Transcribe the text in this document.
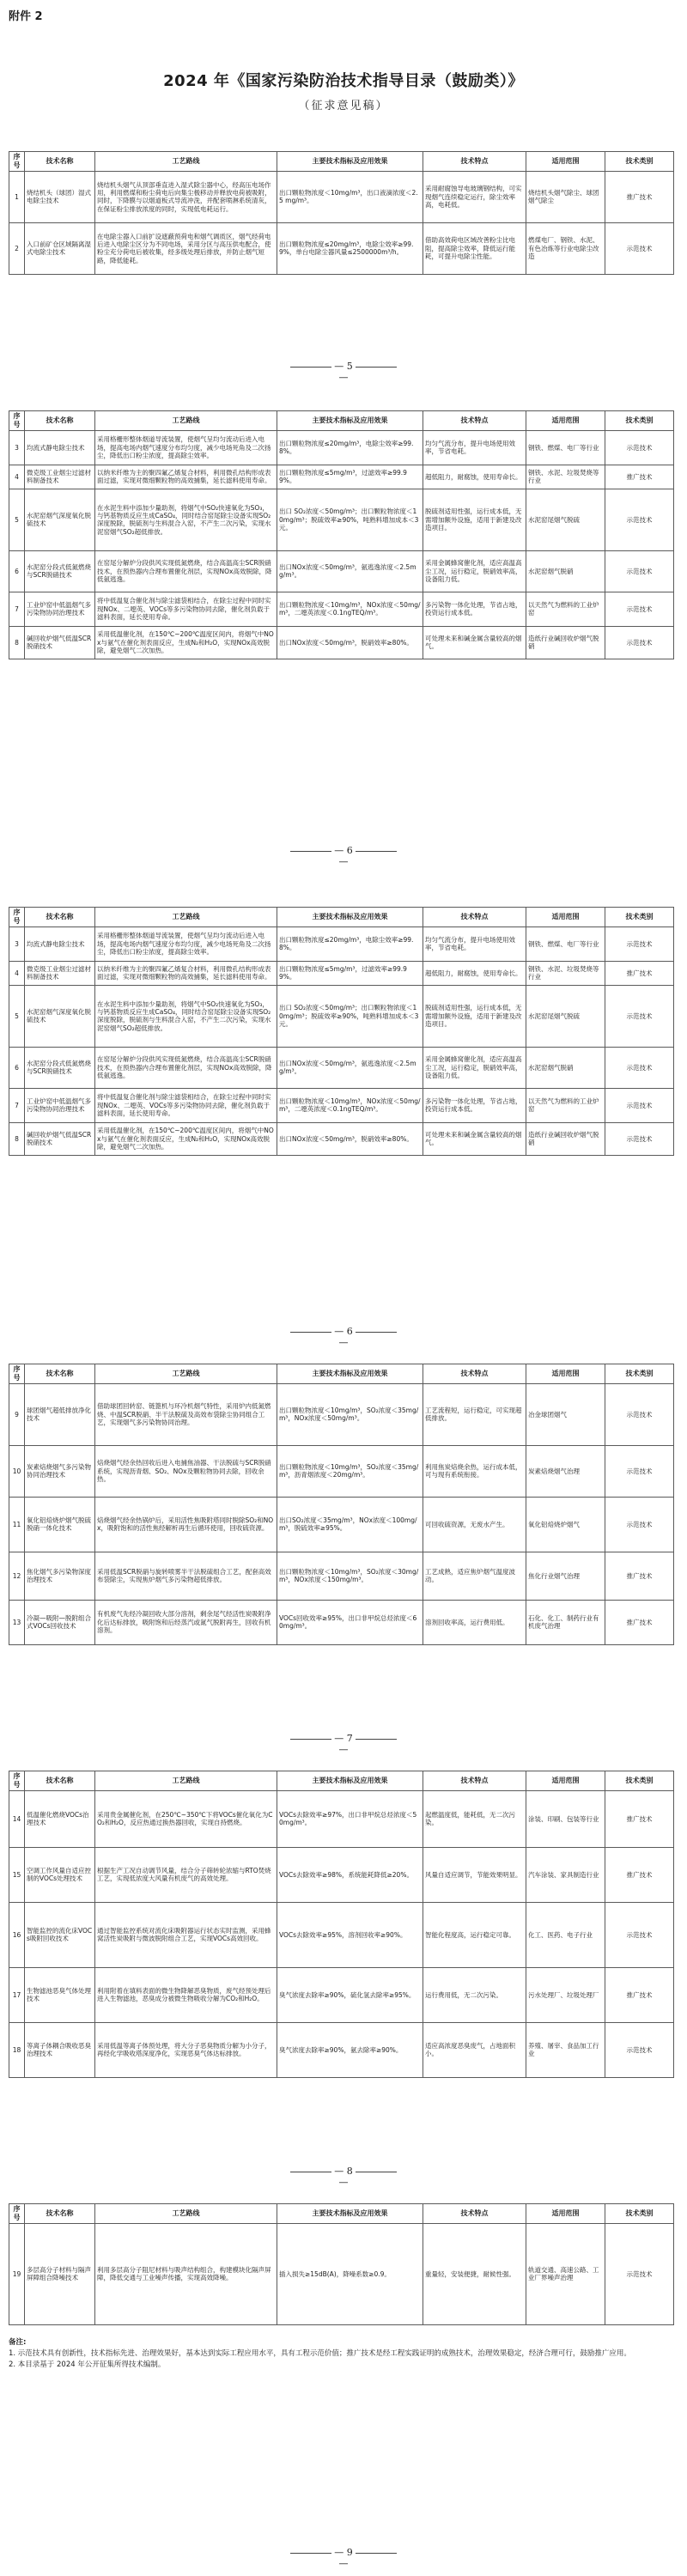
附件 2
2024 年《国家污染防治技术指导目录（鼓励类）》
（征求意见稿）
序号	技术名称	工艺路线	主要技术指标及应用效果	技术特点	适用范围	技术类别
1	烧结机头（球团）湿式电除尘技术	烧结机头烟气从顶部垂直进入湿式除尘器中心，经高压电场作用，利用燃煤和粉尘荷电后向集尘极移动并释放电荷被吸附，同时，下降膜与以烟道板式导流冲洗，并配套喷淋系统清灰，在保证粉尘排放浓度的同时，实现低电耗运行。	出口颗粒物浓度＜10mg/m³，出口液滴浓度＜2.5 mg/m³。	采用耐腐蚀导电玻璃钢结构，可实现烟气连续稳定运行，除尘效率高，电耗低。	烧结机头烟气除尘、球团烟气除尘	推广技术
2	入口前矿仓区域隔离湿式电除尘技术	在电除尘器入口前扩设遮蔽预荷电和烟气调质区，烟气经荷电后进入电除尘区分为不同电场，采用分区与高压供电配合，使粉尘充分荷电后被收集，经多级处理后排放，并防止烟气短路，降低能耗。	出口颗粒物浓度≤20mg/m³，电除尘效率≥99.9%，单台电除尘器风量≤2500000m³/h。	借助高效荷电区域改善粉尘比电阻，提高除尘效率，降低运行能耗，可提升电除尘性能。	燃煤电厂、钢铁、水泥、有色冶炼等行业电除尘改造	示范技术
— 5 —
序号	技术名称	工艺路线	主要技术指标及应用效果	技术特点	适用范围	技术类别
3	均流式静电除尘技术	采用格栅形整体烟道导流装置，使烟气呈均匀流动后进入电场，提高电场内烟气速度分布均匀度，减少电场死角及二次扬尘，降低出口粉尘浓度，提高除尘效率。	出口颗粒物浓度≤20mg/m³，电除尘效率≥99.8%。	均匀气流分布，提升电场使用效率，节省电耗。	钢铁、燃煤、电厂等行业	示范技术
4	微克级工业烟尘过滤材料制备技术	以纳米纤维为主的聚四氟乙烯复合材料，利用微孔结构形成表面过滤，实现对微细颗粒物的高效捕集，延长滤料使用寿命。	出口颗粒物浓度≤5mg/m³，过滤效率≥99.99%。	超低阻力，耐腐蚀，使用寿命长。	钢铁、水泥、垃圾焚烧等行业	推广技术
5	水泥窑烟气深度氧化脱硫技术	在水泥生料中添加少量助剂，将烟气中SO₂快速氧化为SO₃，与钙基物质反应生成CaSO₄，同时结合窑尾除尘设备实现SO₂深度脱除，脱硫剂与生料混合入窑，不产生二次污染，实现水泥窑烟气SO₂超低排放。	出口 SO₂浓度＜50mg/m³；出口颗粒物浓度＜10mg/m³；脱硫效率≥90%，吨熟料增加成本＜3元。	脱硫剂适用性强，运行成本低，无需增加额外设施，适用于新建及改造项目。	水泥窑尾烟气脱硫	示范技术
6	水泥窑分段式低氮燃烧与SCR脱硝技术	在窑尾分解炉分段供风实现低氮燃烧，结合高温高尘SCR脱硝技术，在预热器内合理布置催化剂层，实现NOx高效脱除，降低氨逃逸。	出口NOx浓度＜50mg/m³，氨逃逸浓度＜2.5mg/m³。	采用金属蜂窝催化剂，适应高温高尘工况，运行稳定，脱硝效率高，设备阻力低。	水泥窑烟气脱硝	示范技术
7	工业炉窑中低温烟气多污染物协同治理技术	将中低温复合催化剂与除尘滤袋相结合，在除尘过程中同时实现NOx、二噁英、VOCs等多污染物协同去除，催化剂负载于滤料表面，延长使用寿命。	出口颗粒物浓度＜10mg/m³，NOx浓度＜50mg/m³，二噁英浓度＜0.1ngTEQ/m³。	多污染物一体化处理，节省占地，投资运行成本低。	以天然气为燃料的工业炉窑	示范技术
8	碱回收炉烟气低温SCR脱硝技术	采用低温催化剂，在150℃~200℃温度区间内，将烟气中NOx与氨气在催化剂表面反应，生成N₂和H₂O，实现NOx高效脱除，避免烟气二次加热。	出口NOx浓度＜50mg/m³，脱硝效率≥80%。	可处理未来和碱金属含量较高的烟气。	造纸行业碱回收炉烟气脱硝	示范技术
— 6 —
序号	技术名称	工艺路线	主要技术指标及应用效果	技术特点	适用范围	技术类别
3	均流式静电除尘技术	采用格栅形整体烟道导流装置，使烟气呈均匀流动后进入电场，提高电场内烟气速度分布均匀度，减少电场死角及二次扬尘，降低出口粉尘浓度，提高除尘效率。	出口颗粒物浓度≤20mg/m³，电除尘效率≥99.8%。	均匀气流分布，提升电场使用效率，节省电耗。	钢铁、燃煤、电厂等行业	示范技术
4	微克级工业烟尘过滤材料制备技术	以纳米纤维为主的聚四氟乙烯复合材料，利用微孔结构形成表面过滤，实现对微细颗粒物的高效捕集，延长滤料使用寿命。	出口颗粒物浓度≤5mg/m³，过滤效率≥99.99%。	超低阻力，耐腐蚀，使用寿命长。	钢铁、水泥、垃圾焚烧等行业	推广技术
5	水泥窑烟气深度氧化脱硫技术	在水泥生料中添加少量助剂，将烟气中SO₂快速氧化为SO₃，与钙基物质反应生成CaSO₄，同时结合窑尾除尘设备实现SO₂深度脱除，脱硫剂与生料混合入窑，不产生二次污染，实现水泥窑烟气SO₂超低排放。	出口 SO₂浓度＜50mg/m³；出口颗粒物浓度＜10mg/m³；脱硫效率≥90%，吨熟料增加成本＜3元。	脱硫剂适用性强，运行成本低，无需增加额外设施，适用于新建及改造项目。	水泥窑尾烟气脱硫	示范技术
6	水泥窑分段式低氮燃烧与SCR脱硝技术	在窑尾分解炉分段供风实现低氮燃烧，结合高温高尘SCR脱硝技术，在预热器内合理布置催化剂层，实现NOx高效脱除，降低氨逃逸。	出口NOx浓度＜50mg/m³，氨逃逸浓度＜2.5mg/m³。	采用金属蜂窝催化剂，适应高温高尘工况，运行稳定，脱硝效率高，设备阻力低。	水泥窑烟气脱硝	示范技术
7	工业炉窑中低温烟气多污染物协同治理技术	将中低温复合催化剂与除尘滤袋相结合，在除尘过程中同时实现NOx、二噁英、VOCs等多污染物协同去除，催化剂负载于滤料表面，延长使用寿命。	出口颗粒物浓度＜10mg/m³，NOx浓度＜50mg/m³，二噁英浓度＜0.1ngTEQ/m³。	多污染物一体化处理，节省占地，投资运行成本低。	以天然气为燃料的工业炉窑	示范技术
8	碱回收炉烟气低温SCR脱硝技术	采用低温催化剂，在150℃~200℃温度区间内，将烟气中NOx与氨气在催化剂表面反应，生成N₂和H₂O，实现NOx高效脱除，避免烟气二次加热。	出口NOx浓度＜50mg/m³，脱硝效率≥80%。	可处理未来和碱金属含量较高的烟气。	造纸行业碱回收炉烟气脱硝	示范技术
— 6 —
序号	技术名称	工艺路线	主要技术指标及应用效果	技术特点	适用范围	技术类别
9	球团烟气超低排放净化技术	借助球团回转窑、链篦机与环冷机烟气特性，采用炉内低氮燃烧、中温SCR脱硝、半干法脱硫及高效布袋除尘协同组合工艺，实现烟气多污染物协同治理。	出口颗粒物浓度＜10mg/m³，SO₂浓度＜35mg/m³，NOx浓度＜50mg/m³。	工艺流程短，运行稳定，可实现超低排放。	冶金球团烟气	示范技术
10	炭素焙烧烟气多污染物协同治理技术	焙烧烟气经余热回收后进入电捕焦油器、干法脱硫与SCR脱硝系统，实现沥青烟、SO₂、NOx及颗粒物协同去除，回收余热。	出口颗粒物浓度＜10mg/m³，SO₂浓度＜35mg/m³，沥青烟浓度＜20mg/m³。	利用焦炭焙烧余热，运行成本低，可与现有系统衔接。	炭素焙烧烟气治理	示范技术
11	氧化铝焙烧炉烟气脱硫脱硝一体化技术	焙烧烟气经余热锅炉后，采用活性焦吸附塔同时脱除SO₂和NOx，吸附饱和的活性焦经解析再生后循环使用，回收硫资源。	出口SO₂浓度＜35mg/m³，NOx浓度＜100mg/m³，脱硫效率≥95%。	可回收硫资源，无废水产生。	氧化铝焙烧炉烟气	示范技术
12	焦化烟气多污染物深度治理技术	采用低温SCR脱硝与旋转喷雾半干法脱硫组合工艺，配套高效布袋除尘，实现焦炉烟气多污染物超低排放。	出口颗粒物浓度＜10mg/m³，SO₂浓度＜30mg/m³，NOx浓度＜150mg/m³。	工艺成熟，适应焦炉烟气温度波动。	焦化行业烟气治理	推广技术
13	冷凝—吸附—脱附组合式VOCs回收技术	有机废气先经冷凝回收大部分溶剂，剩余尾气经活性炭吸附净化后达标排放，吸附饱和后经蒸汽或氮气脱附再生，回收有机溶剂。	VOCs回收效率≥95%，出口非甲烷总烃浓度＜60mg/m³。	溶剂回收率高，运行费用低。	石化、化工、制药行业有机废气治理	推广技术
— 7 —
序号	技术名称	工艺路线	主要技术指标及应用效果	技术特点	适用范围	技术类别
14	低温催化燃烧VOCs治理技术	采用贵金属催化剂，在250℃~350℃下将VOCs催化氧化为CO₂和H₂O，反应热通过换热器回收，实现自持燃烧。	VOCs去除效率≥97%，出口非甲烷总烃浓度＜50mg/m³。	起燃温度低，能耗低，无二次污染。	涂装、印刷、包装等行业	推广技术
15	空调工作风量自适应控制的VOCs处理技术	根据生产工况自动调节风量，结合分子筛转轮浓缩与RTO焚烧工艺，实现低浓度大风量有机废气的高效处理。	VOCs去除效率≥98%，系统能耗降低≥20%。	风量自适应调节，节能效果明显。	汽车涂装、家具制造行业	推广技术
16	智能监控的流化床VOCs吸附回收技术	通过智能监控系统对流化床吸附器运行状态实时监测，采用蜂窝活性炭吸附与微波脱附组合工艺，实现VOCs高效回收。	VOCs去除效率≥95%，溶剂回收率≥90%。	智能化程度高，运行稳定可靠。	化工、医药、电子行业	示范技术
17	生物滤池恶臭气体处理技术	利用附着在填料表面的微生物降解恶臭物质，废气经预处理后进入生物滤池，恶臭成分被微生物吸收分解为CO₂和H₂O。	臭气浓度去除率≥90%，硫化氢去除率≥95%。	运行费用低，无二次污染。	污水处理厂、垃圾处理厂	推广技术
18	等离子体耦合吸收恶臭治理技术	采用低温等离子体预处理，将大分子恶臭物质分解为小分子，再经化学吸收塔深度净化，实现恶臭气体达标排放。	臭气浓度去除率≥90%，氨去除率≥90%。	适应高浓度恶臭废气，占地面积小。	养殖、屠宰、食品加工行业	示范技术
— 8 —
序号	技术名称	工艺路线	主要技术指标及应用效果	技术特点	适用范围	技术类别
19	多层高分子材料与隔声屏障组合降噪技术	利用多层高分子阻尼材料与吸声结构组合，构建模块化隔声屏障，降低交通与工业噪声传播，实现高效降噪。	插入损失≥15dB(A)，降噪系数≥0.9。	重量轻，安装便捷，耐候性强。	轨道交通、高速公路、工业厂界噪声治理	示范技术
备注:
1. 示范技术具有创新性，技术指标先进、治理效果好，基本达到实际工程应用水平，具有工程示范价值；推广技术是经工程实践证明的成熟技术，治理效果稳定，经济合理可行，鼓励推广应用。
2. 本目录基于 2024 年公开征集所得技术编制。
— 9 —
